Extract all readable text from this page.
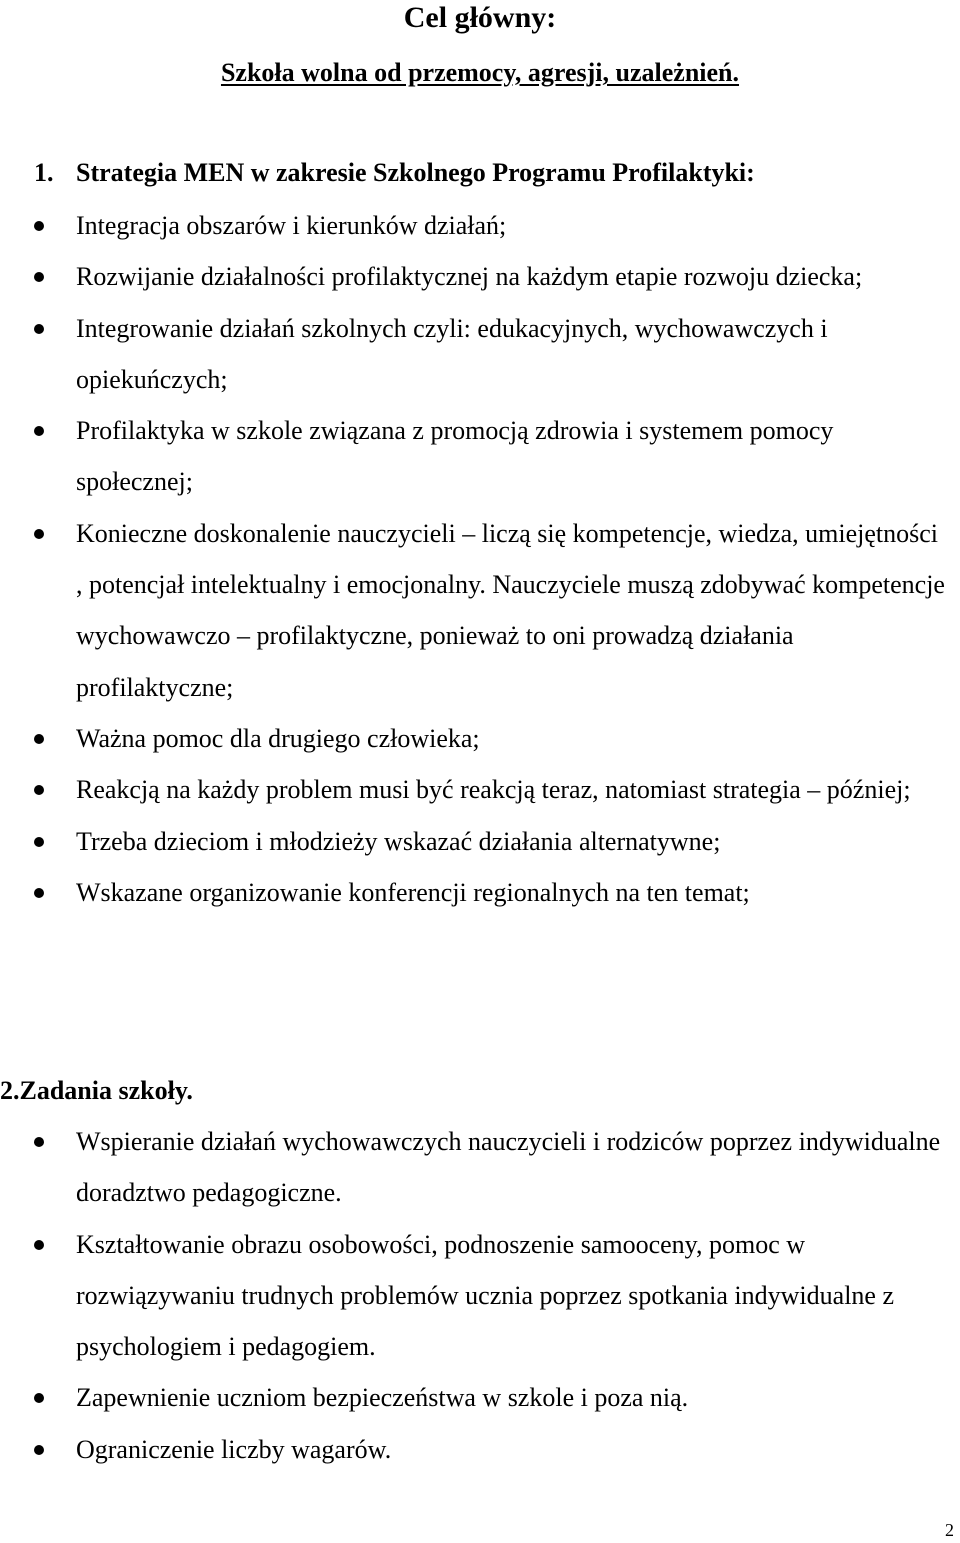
Cel główny:
Szkoła wolna od przemocy, agresji, uzależnień.
1. Strategia MEN w zakresie Szkolnego Programu Profilaktyki:
Integracja obszarów i kierunków działań;
Rozwijanie działalności profilaktycznej na każdym etapie rozwoju dziecka;
Integrowanie działań szkolnych czyli: edukacyjnych, wychowawczych i opiekuńczych;
Profilaktyka w szkole związana z promocją zdrowia i systemem pomocy społecznej;
Konieczne doskonalenie nauczycieli – liczą się kompetencje, wiedza, umiejętności , potencjał intelektualny i emocjonalny. Nauczyciele muszą zdobywać kompetencje wychowawczo – profilaktyczne, ponieważ to oni prowadzą działania profilaktyczne;
Ważna pomoc dla drugiego człowieka;
Reakcją na każdy problem musi być reakcją teraz, natomiast strategia – później;
Trzeba dzieciom i młodzieży wskazać działania alternatywne;
Wskazane organizowanie konferencji regionalnych na ten temat;
2.Zadania szkoły.
Wspieranie działań wychowawczych nauczycieli i rodziców poprzez indywidualne doradztwo pedagogiczne.
Kształtowanie obrazu osobowości, podnoszenie samooceny, pomoc w rozwiązywaniu trudnych problemów ucznia poprzez spotkania indywidualne z psychologiem i pedagogiem.
Zapewnienie uczniom bezpieczeństwa w szkole i poza nią.
Ograniczenie liczby wagarów.
2
